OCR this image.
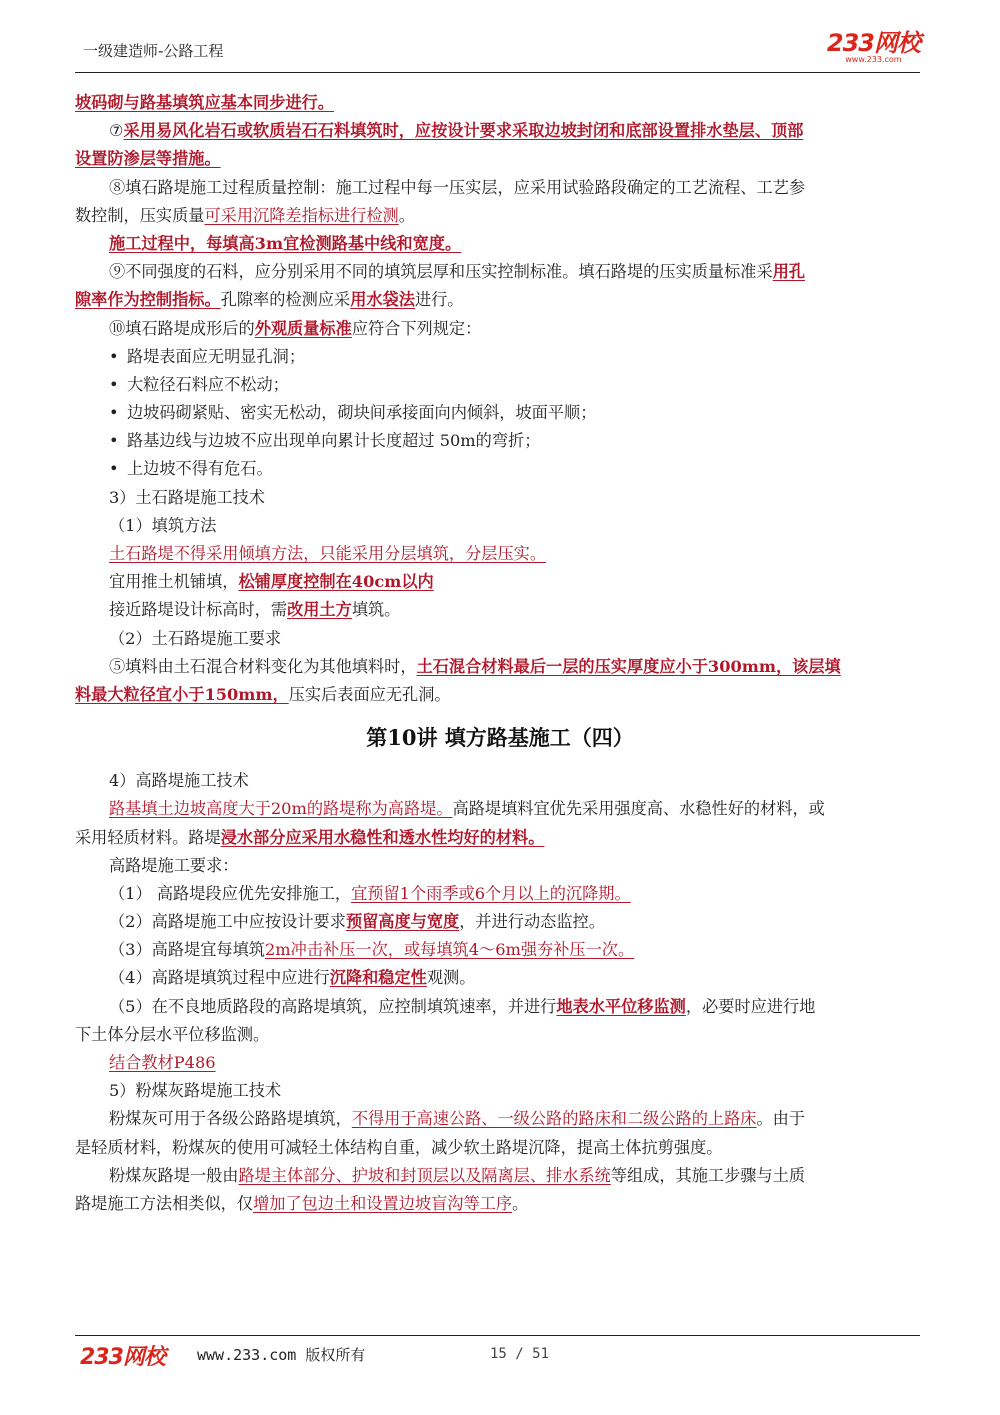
一级建造师-公路工程	233网校
www.233.com
坡码砌与路基填筑应基本同步进行。
⑦采用易风化岩石或软质岩石石料填筑时，应按设计要求采取边坡封闭和底部设置排水垫层、顶部
设置防渗层等措施。
⑧填石路堤施工过程质量控制：施工过程中每一压实层，应采用试验路段确定的工艺流程、工艺参
数控制，压实质量可采用沉降差指标进行检测。
施工过程中，每填高3m宜检测路基中线和宽度。
⑨不同强度的石料，应分别采用不同的填筑层厚和压实控制标准。填石路堤的压实质量标准采用孔
隙率作为控制指标。孔隙率的检测应采用水袋法进行。
⑩填石路堤成形后的外观质量标准应符合下列规定：
• 路堤表面应无明显孔洞；
• 大粒径石料应不松动；
• 边坡码砌紧贴、密实无松动，砌块间承接面向内倾斜，坡面平顺；
• 路基边线与边坡不应出现单向累计长度超过 50m的弯折；
• 上边坡不得有危石。
3）土石路堤施工技术
（1）填筑方法
土石路堤不得采用倾填方法，只能采用分层填筑，分层压实。
宜用推土机铺填，松铺厚度控制在40cm以内
接近路堤设计标高时，需改用土方填筑。
（2）土石路堤施工要求
⑤填料由土石混合材料变化为其他填料时，土石混合材料最后一层的压实厚度应小于300mm，该层填
料最大粒径宜小于150mm，压实后表面应无孔洞。
第10讲 填方路基施工（四）
4）高路堤施工技术
路基填土边坡高度大于20m的路堤称为高路堤。高路堤填料宜优先采用强度高、水稳性好的材料，或
采用轻质材料。路堤浸水部分应采用水稳性和透水性均好的材料。
高路堤施工要求：
（1） 高路堤段应优先安排施工，宜预留1个雨季或6个月以上的沉降期。
（2）高路堤施工中应按设计要求预留高度与宽度，并进行动态监控。
（3）高路堤宜每填筑2m冲击补压一次，或每填筑4～6m强夯补压一次。
（4）高路堤填筑过程中应进行沉降和稳定性观测。
（5）在不良地质路段的高路堤填筑，应控制填筑速率，并进行地表水平位移监测，必要时应进行地
下土体分层水平位移监测。
结合教材P486
5）粉煤灰路堤施工技术
粉煤灰可用于各级公路路堤填筑，不得用于高速公路、一级公路的路床和二级公路的上路床。由于
是轻质材料，粉煤灰的使用可减轻土体结构自重，减少软土路堤沉降，提高土体抗剪强度。
粉煤灰路堤一般由路堤主体部分、护坡和封顶层以及隔离层、排水系统等组成，其施工步骤与土质
路堤施工方法相类似，仅增加了包边土和设置边坡盲沟等工序。
233网校 www.233.com 版权所有	15 / 51
